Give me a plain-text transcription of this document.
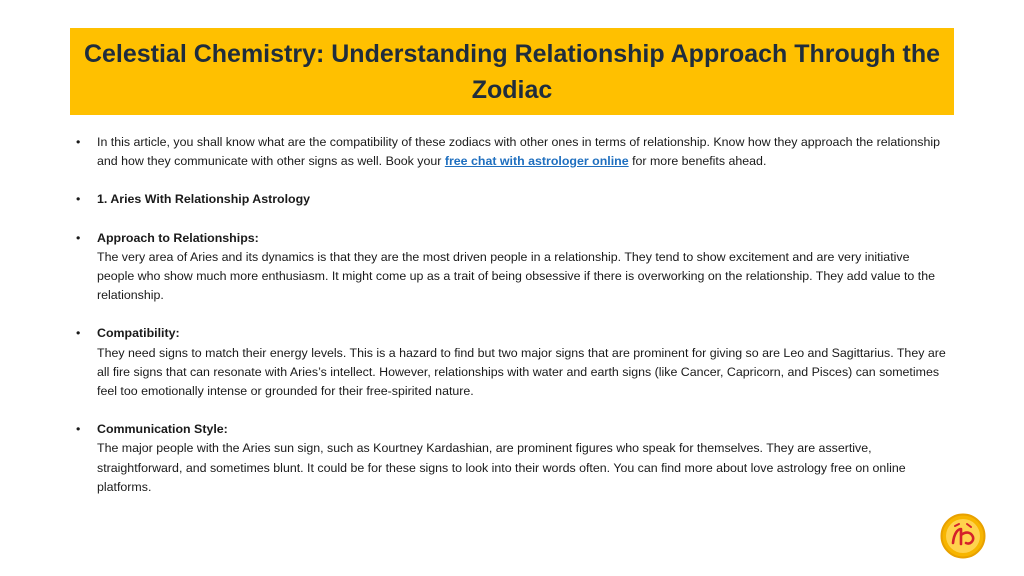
Celestial Chemistry: Understanding Relationship Approach Through the Zodiac
•	In this article, you shall know what are the compatibility of these zodiacs with other ones in terms of relationship. Know how they approach the relationship and how they communicate with other signs as well. Book your free chat with astrologer online for more benefits ahead.
•	1. Aries With Relationship Astrology
•	Approach to Relationships:
The very area of Aries and its dynamics is that they are the most driven people in a relationship. They tend to show excitement and are very initiative people who show much more enthusiasm. It might come up as a trait of being obsessive if there is overworking on the relationship. They add value to the relationship.
•	Compatibility:
They need signs to match their energy levels. This is a hazard to find but two major signs that are prominent for giving so are Leo and Sagittarius. They are all fire signs that can resonate with Aries’s intellect. However, relationships with water and earth signs (like Cancer, Capricorn, and Pisces) can sometimes feel too emotionally intense or grounded for their free-spirited nature.
•	Communication Style:
The major people with the Aries sun sign, such as Kourtney Kardashian, are prominent figures who speak for themselves. They are assertive, straightforward, and sometimes blunt. It could be for these signs to look into their words often. You can find more about love astrology free on online platforms.
